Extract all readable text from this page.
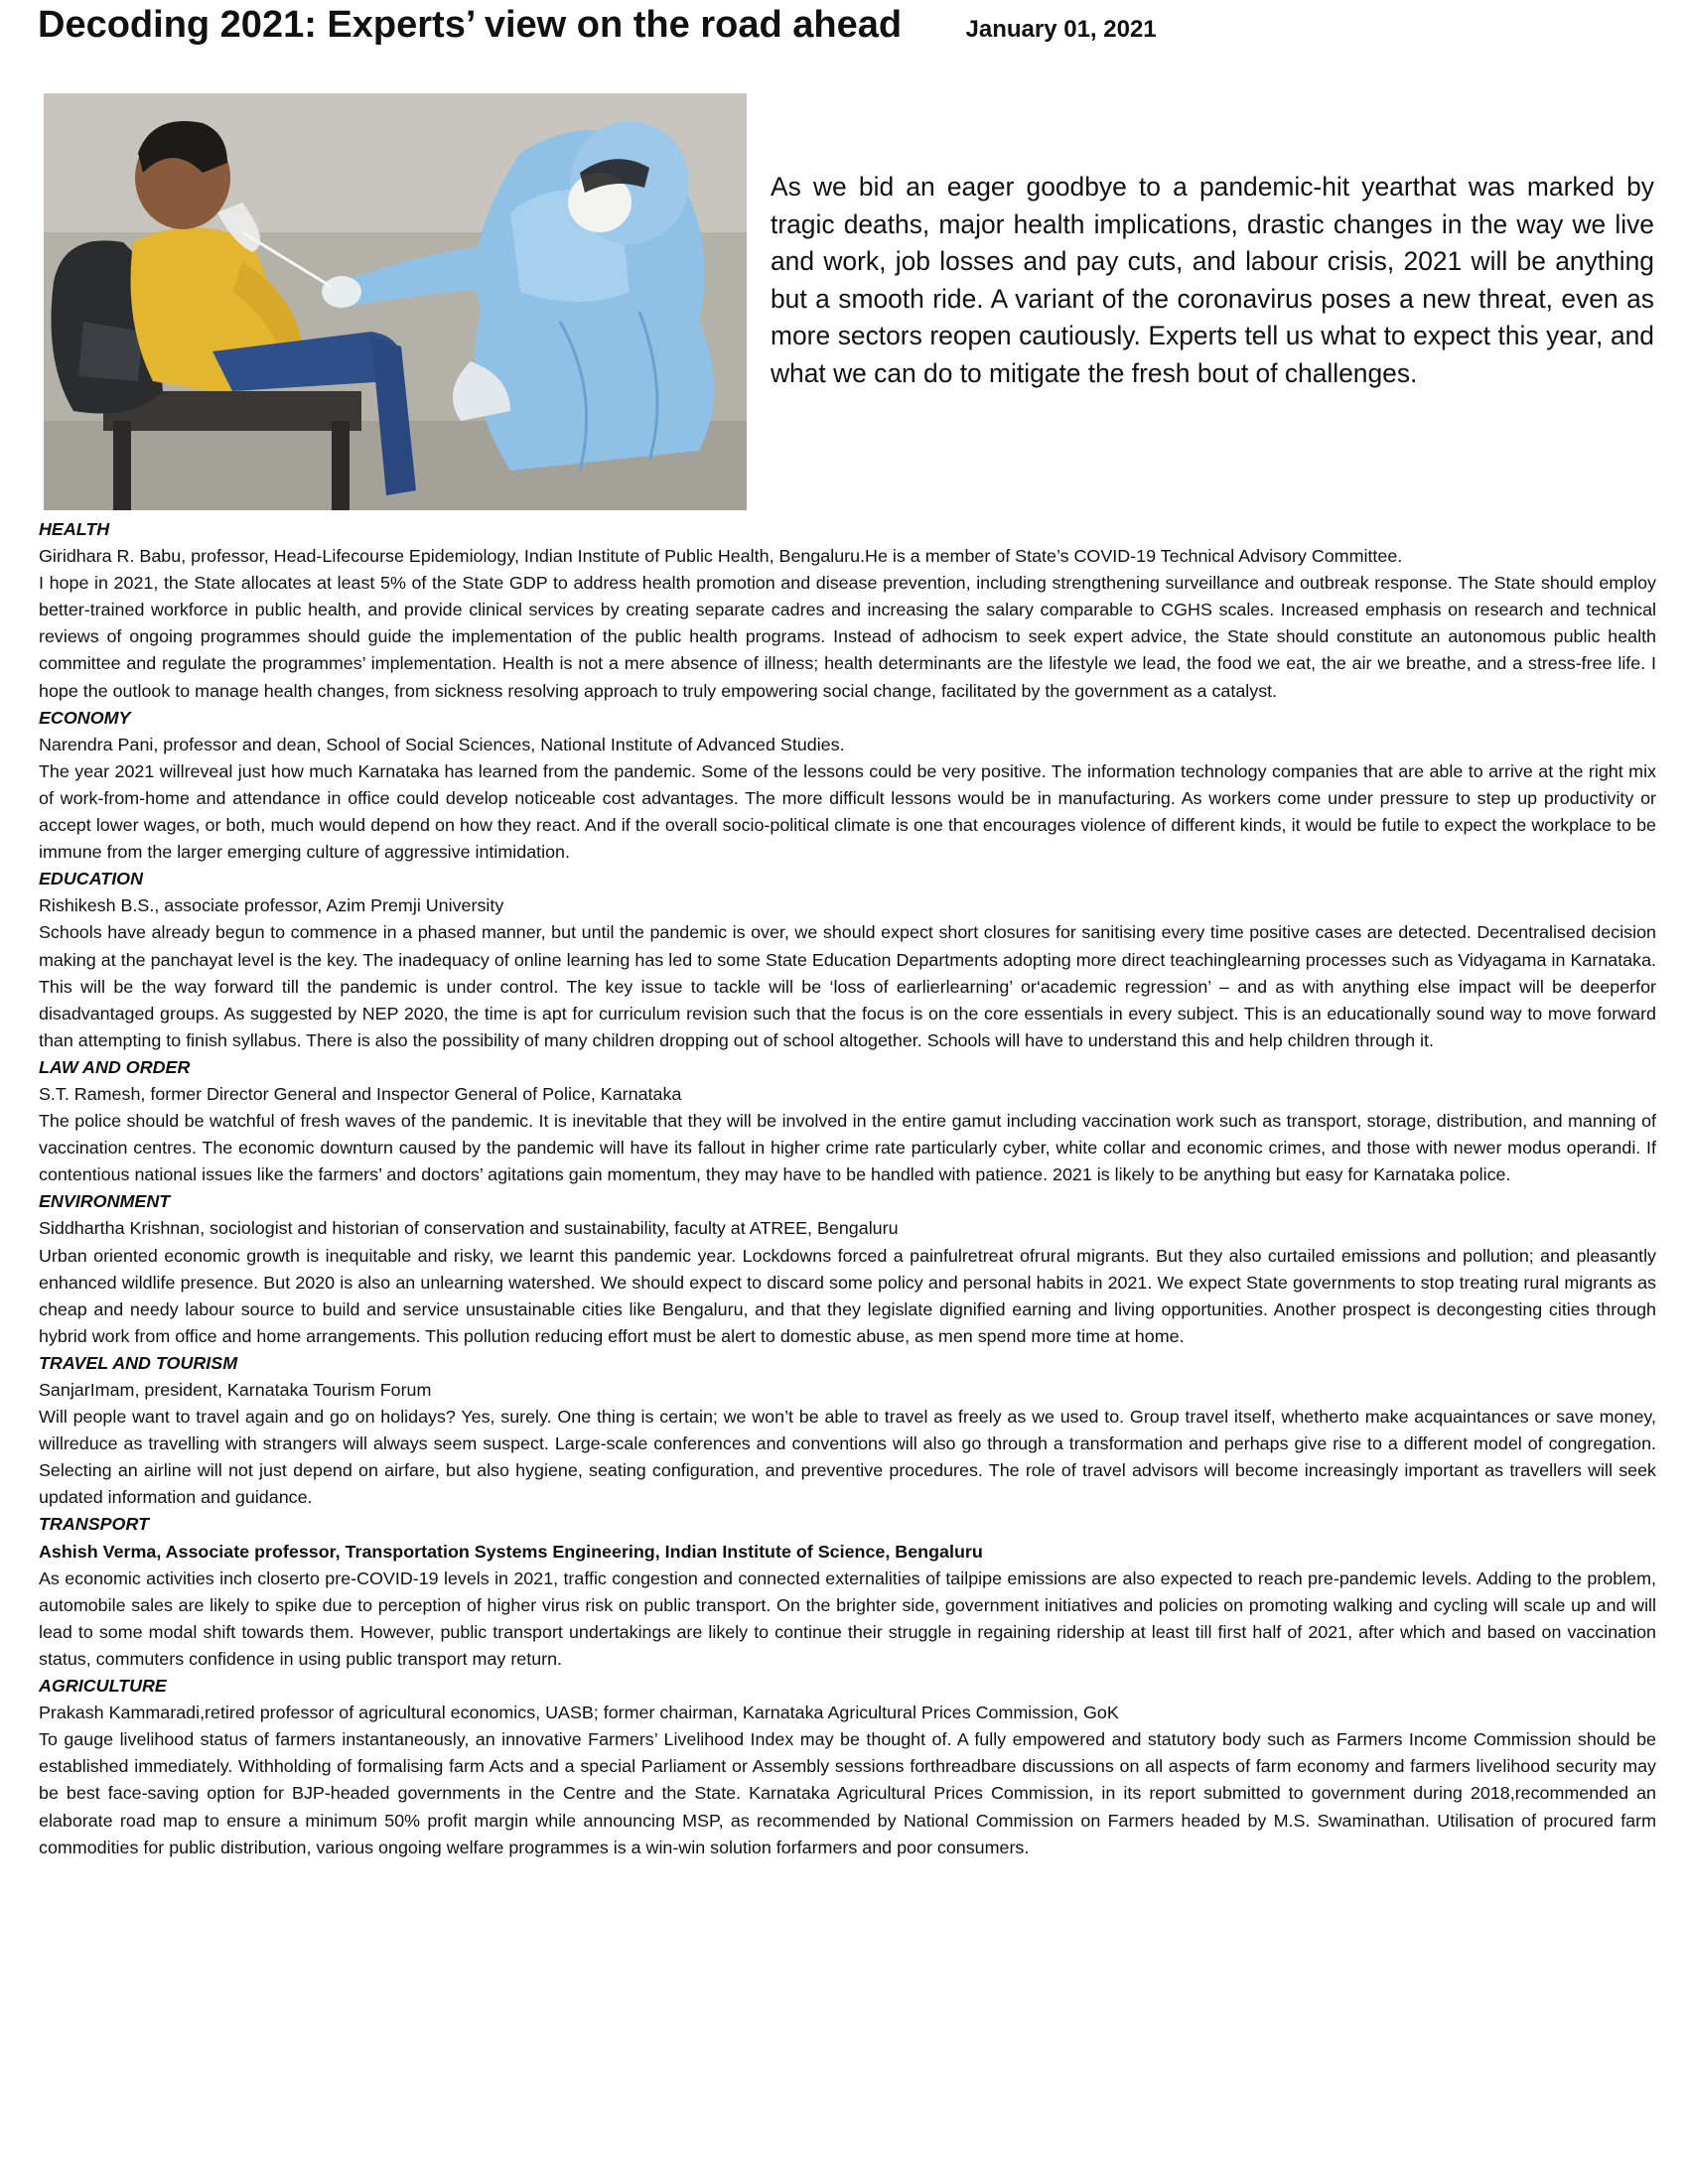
Decoding 2021: Experts’ view on the road ahead	January 01, 2021

As we bid an eager goodbye to a pandemic-hit yearthat was marked by tragic deaths, major health implications, drastic changes in the way we live and work, job losses and pay cuts, and labour crisis, 2021 will be anything but a smooth ride. A variant of the coronavirus poses a new threat, even as more sectors reopen cautiously. Experts tell us what to expect this year, and what we can do to mitigate the fresh bout of challenges.

HEALTH

Giridhara R. Babu, professor, Head-Lifecourse Epidemiology, Indian Institute of Public Health, Bengaluru.He is a member of State’s COVID-19 Technical Advisory Committee.

I hope in 2021, the State allocates at least 5% of the State GDP to address health promotion and disease prevention, including strengthening surveillance and outbreak response. The State should employ better-trained workforce in public health, and provide clinical services by creating separate cadres and increasing the salary comparable to CGHS scales. Increased emphasis on research and technical reviews of ongoing programmes should guide the implementation of the public health programs. Instead of adhocism to seek expert advice, the State should constitute an autonomous public health committee and regulate the programmes’ implementation. Health is not a mere absence of illness; health determinants are the lifestyle we lead, the food we eat, the air we breathe, and a stress-free life. I hope the outlook to manage health changes, from sickness resolving approach to truly empowering social change, facilitated by the government as a catalyst.

ECONOMY

Narendra Pani, professor and dean, School of Social Sciences, National Institute of Advanced Studies.

The year 2021 willreveal just how much Karnataka has learned from the pandemic. Some of the lessons could be very positive. The information technology companies that are able to arrive at the right mix of work-from-home and attendance in office could develop noticeable cost advantages. The more difficult lessons would be in manufacturing. As workers come under pressure to step up productivity or accept lower wages, or both, much would depend on how they react. And if the overall socio-political climate is one that encourages violence of different kinds, it would be futile to expect the workplace to be immune from the larger emerging culture of aggressive intimidation.

EDUCATION

Rishikesh B.S., associate professor, Azim Premji University

Schools have already begun to commence in a phased manner, but until the pandemic is over, we should expect short closures for sanitising every time positive cases are detected. Decentralised decision making at the panchayat level is the key. The inadequacy of online learning has led to some State Education Departments adopting more direct teachinglearning processes such as Vidyagama in Karnataka. This will be the way forward till the pandemic is under control. The key issue to tackle will be ‘loss of earlierlearning’ or‘academic regression’ – and as with anything else impact will be deeperfor disadvantaged groups. As suggested by NEP 2020, the time is apt for curriculum revision such that the focus is on the core essentials in every subject. This is an educationally sound way to move forward than attempting to finish syllabus. There is also the possibility of many children dropping out of school altogether. Schools will have to understand this and help children through it.

LAW AND ORDER

S.T. Ramesh, former Director General and Inspector General of Police, Karnataka

The police should be watchful of fresh waves of the pandemic. It is inevitable that they will be involved in the entire gamut including vaccination work such as transport, storage, distribution, and manning of vaccination centres. The economic downturn caused by the pandemic will have its fallout in higher crime rate particularly cyber, white collar and economic crimes, and those with newer modus operandi. If contentious national issues like the farmers’ and doctors’ agitations gain momentum, they may have to be handled with patience. 2021 is likely to be anything but easy for Karnataka police.

ENVIRONMENT

Siddhartha Krishnan, sociologist and historian of conservation and sustainability, faculty at ATREE, Bengaluru

Urban oriented economic growth is inequitable and risky, we learnt this pandemic year. Lockdowns forced a painfulretreat ofrural migrants. But they also curtailed emissions and pollution; and pleasantly enhanced wildlife presence. But 2020 is also an unlearning watershed. We should expect to discard some policy and personal habits in 2021. We expect State governments to stop treating rural migrants as cheap and needy labour source to build and service unsustainable cities like Bengaluru, and that they legislate dignified earning and living opportunities. Another prospect is decongesting cities through hybrid work from office and home arrangements. This pollution reducing effort must be alert to domestic abuse, as men spend more time at home.

TRAVEL AND TOURISM

SanjarImam, president, Karnataka Tourism Forum

Will people want to travel again and go on holidays? Yes, surely. One thing is certain; we won’t be able to travel as freely as we used to. Group travel itself, whetherto make acquaintances or save money, willreduce as travelling with strangers will always seem suspect. Large-scale conferences and conventions will also go through a transformation and perhaps give rise to a different model of congregation. Selecting an airline will not just depend on airfare, but also hygiene, seating configuration, and preventive procedures. The role of travel advisors will become increasingly important as travellers will seek updated information and guidance.

TRANSPORT

Ashish Verma, Associate professor, Transportation Systems Engineering, Indian Institute of Science, Bengaluru

As economic activities inch closerto pre-COVID-19 levels in 2021, traffic congestion and connected externalities of tailpipe emissions are also expected to reach pre-pandemic levels. Adding to the problem, automobile sales are likely to spike due to perception of higher virus risk on public transport. On the brighter side, government initiatives and policies on promoting walking and cycling will scale up and will lead to some modal shift towards them. However, public transport undertakings are likely to continue their struggle in regaining ridership at least till first half of 2021, after which and based on vaccination status, commuters confidence in using public transport may return.

AGRICULTURE

Prakash Kammaradi,retired professor of agricultural economics, UASB; former chairman, Karnataka Agricultural Prices Commission, GoK

To gauge livelihood status of farmers instantaneously, an innovative Farmers’ Livelihood Index may be thought of. A fully empowered and statutory body such as Farmers Income Commission should be established immediately. Withholding of formalising farm Acts and a special Parliament or Assembly sessions forthreadbare discussions on all aspects of farm economy and farmers livelihood security may be best face-saving option for BJP-headed governments in the Centre and the State. Karnataka Agricultural Prices Commission, in its report submitted to government during 2018,recommended an elaborate road map to ensure a minimum 50% profit margin while announcing MSP, as recommended by National Commission on Farmers headed by M.S. Swaminathan. Utilisation of procured farm commodities for public distribution, various ongoing welfare programmes is a win-win solution forfarmers and poor consumers.
